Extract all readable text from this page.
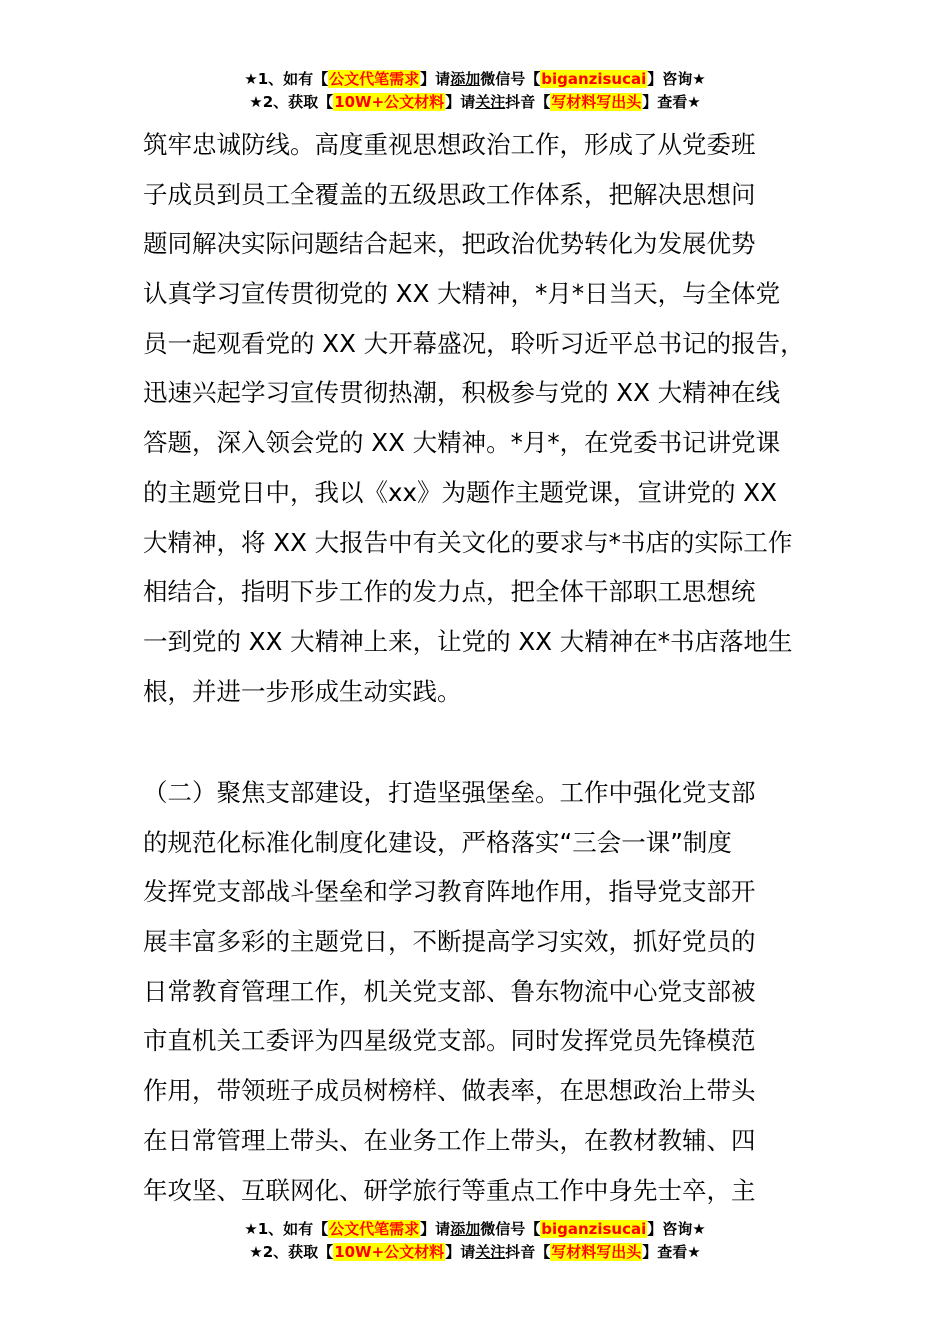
★1、如有【公文代笔需求】请添加微信号【biganzisucai】咨询★
★2、获取【10W+公文材料】请关注抖音【写材料写出头】查看★
筑牢忠诚防线。高度重视思想政治工作，形成了从党委班
子成员到员工全覆盖的五级思政工作体系，把解决思想问
题同解决实际问题结合起来，把政治优势转化为发展优势
认真学习宣传贯彻党的 XX 大精神，*月*日当天，与全体党
员一起观看党的 XX 大开幕盛况，聆听习近平总书记的报告，
迅速兴起学习宣传贯彻热潮，积极参与党的 XX 大精神在线
答题，深入领会党的 XX 大精神。*月*，在党委书记讲党课
的主题党日中，我以《xx》为题作主题党课，宣讲党的 XX
大精神，将 XX 大报告中有关文化的要求与*书店的实际工作
相结合，指明下步工作的发力点，把全体干部职工思想统
一到党的 XX 大精神上来，让党的 XX 大精神在*书店落地生
根，并进一步形成生动实践。
（二）聚焦支部建设，打造坚强堡垒。工作中强化党支部
的规范化标准化制度化建设，严格落实“三会一课”制度
发挥党支部战斗堡垒和学习教育阵地作用，指导党支部开
展丰富多彩的主题党日，不断提高学习实效，抓好党员的
日常教育管理工作，机关党支部、鲁东物流中心党支部被
市直机关工委评为四星级党支部。同时发挥党员先锋模范
作用，带领班子成员树榜样、做表率，在思想政治上带头
在日常管理上带头、在业务工作上带头，在教材教辅、四
年攻坚、互联网化、研学旅行等重点工作中身先士卒，主
★1、如有【公文代笔需求】请添加微信号【biganzisucai】咨询★
★2、获取【10W+公文材料】请关注抖音【写材料写出头】查看★
